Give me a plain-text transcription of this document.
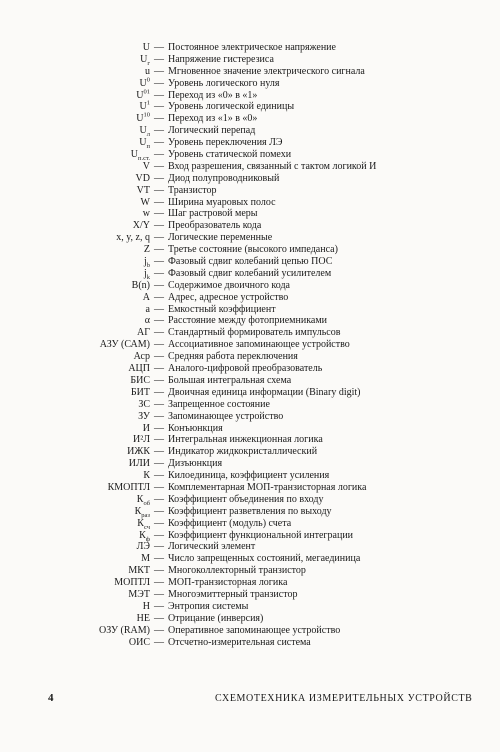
U — Постоянное электрическое напряжение
$U_г$ — Напряжение гистерезиса
u — Мгновенное значение электрического сигнала
$U^0$ — Уровень логического нуля
$U^{01}$ — Переход из «0» в «1»
$U^1$ — Уровень логической единицы
$U^{10}$ — Переход из «1» в «0»
$U_л$ — Логический перепад
$U_п$ — Уровень переключения ЛЭ
$U_{п.ст.}$ — Уровень статической помехи
V — Вход разрешения, связанный с тактом логикой И
VD — Диод полупроводниковый
VT — Транзистор
W — Ширина муаровых полос
w — Шаг растровой меры
X/Y — Преобразователь кода
x, y, z, q — Логические переменные
Z — Третье состояние (высокого импеданса)
$j_b$ — Фазовый сдвиг колебаний цепью ПОС
$j_k$ — Фазовый сдвиг колебаний усилителем
B(n) — Содержимое двоичного кода
A — Адрес, адресное устройство
a — Емкостный коэффициент
α — Расстояние между фотоприемниками
АГ — Стандартный формирователь импульсов
АЗУ (САМ) — Ассоциативное запоминающее устройство
Аср — Средняя работа переключения
АЦП — Аналого-цифровой преобразователь
БИС — Большая интегральная схема
БИТ — Двоичная единица информации (Binary digit)
ЗС — Запрещенное состояние
ЗУ — Запоминающее устройство
И — Конъюнкция
И²Л — Интегральная инжекционная логика
ИЖК — Индикатор жидкокристаллический
ИЛИ — Дизъюнкция
К — Килоединица, коэффициент усиления
КМОПТЛ — Комплементарная МОП-транзисторная логика
$К_{об}$ — Коэффициент объединения по входу
$К_{раз}$ — Коэффициент разветвления по выходу
$К_{сч}$ — Коэффициент (модуль) счета
$К_ф$ — Коэффициент функциональной интеграции
ЛЭ — Логический элемент
М — Число запрещенных состояний, мегаединица
МКТ — Многоколлекторный транзистор
МОПТЛ — МОП-транзисторная логика
МЭТ — Многоэмиттерный транзистор
Н — Энтропия системы
НЕ — Отрицание (инверсия)
ОЗУ (RAM) — Оперативное запоминающее устройство
ОИС — Отсчетно-измерительная система
4	СХЕМОТЕХНИКА ИЗМЕРИТЕЛЬНЫХ УСТРОЙСТВ
